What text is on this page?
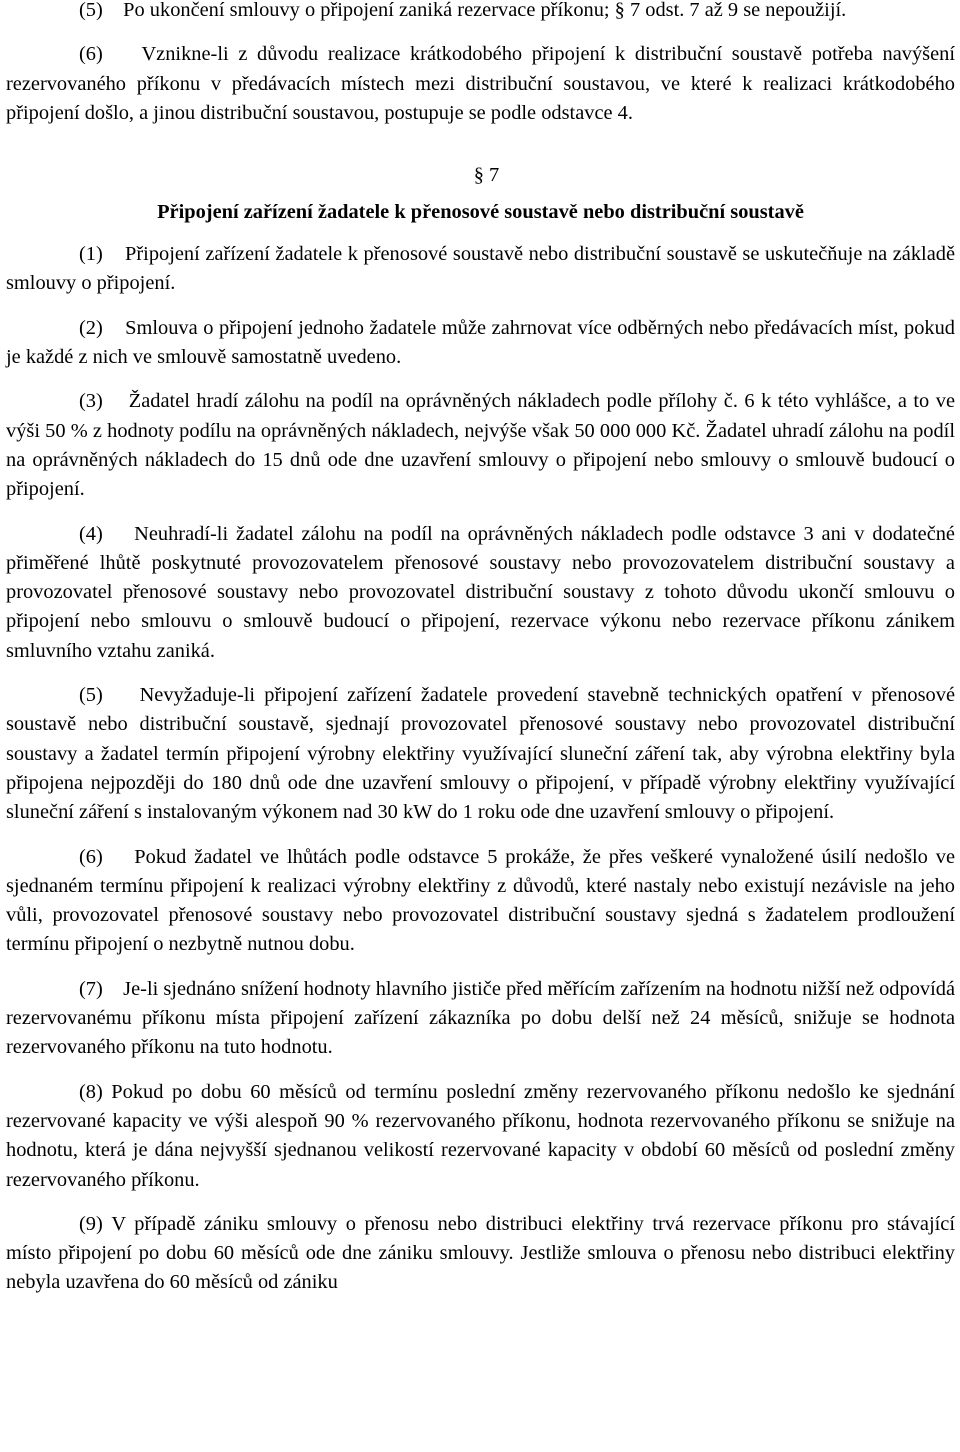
(5)    Po ukončení smlouvy o připojení zaniká rezervace příkonu; § 7 odst. 7 až 9 se nepoužijí.

(6)    Vznikne-li z důvodu realizace krátkodobého připojení k distribuční soustavě potřeba navýšení rezervovaného příkonu v předávacích místech mezi distribuční soustavou, ve které k realizaci krátkodobého připojení došlo, a jinou distribuční soustavou, postupuje se podle odstavce 4.

§ 7
Připojení zařízení žadatele k přenosové soustavě nebo distribuční soustavě

(1)    Připojení zařízení žadatele k přenosové soustavě nebo distribuční soustavě se uskutečňuje na základě smlouvy o připojení.

(2)    Smlouva o připojení jednoho žadatele může zahrnovat více odběrných nebo předávacích míst, pokud je každé z nich ve smlouvě samostatně uvedeno.

(3)    Žadatel hradí zálohu na podíl na oprávněných nákladech podle přílohy č. 6 k této vyhlášce, a to ve výši 50 % z hodnoty podílu na oprávněných nákladech, nejvýše však 50 000 000 Kč. Žadatel uhradí zálohu na podíl na oprávněných nákladech do 15 dnů ode dne uzavření smlouvy o připojení nebo smlouvy o smlouvě budoucí o připojení.

(4)    Neuhradí-li žadatel zálohu na podíl na oprávněných nákladech podle odstavce 3 ani v dodatečné přiměřené lhůtě poskytnuté provozovatelem přenosové soustavy nebo provozovatelem distribuční soustavy a provozovatel přenosové soustavy nebo provozovatel distribuční soustavy z tohoto důvodu ukončí smlouvu o připojení nebo smlouvu o smlouvě budoucí o připojení, rezervace výkonu nebo rezervace příkonu zánikem smluvního vztahu zaniká.

(5)    Nevyžaduje-li připojení zařízení žadatele provedení stavebně technických opatření v přenosové soustavě nebo distribuční soustavě, sjednají provozovatel přenosové soustavy nebo provozovatel distribuční soustavy a žadatel termín připojení výrobny elektřiny využívající sluneční záření tak, aby výrobna elektřiny byla připojena nejpozději do 180 dnů ode dne uzavření smlouvy o připojení, v případě výrobny elektřiny využívající sluneční záření s instalovaným výkonem nad 30 kW do 1 roku ode dne uzavření smlouvy o připojení.

(6)    Pokud žadatel ve lhůtách podle odstavce 5 prokáže, že přes veškeré vynaložené úsilí nedošlo ve sjednaném termínu připojení k realizaci výrobny elektřiny z důvodů, které nastaly nebo existují nezávisle na jeho vůli, provozovatel přenosové soustavy nebo provozovatel distribuční soustavy sjedná s žadatelem prodloužení termínu připojení o nezbytně nutnou dobu.

(7)    Je-li sjednáno snížení hodnoty hlavního jističe před měřícím zařízením na hodnotu nižší než odpovídá rezervovanému příkonu místa připojení zařízení zákazníka po dobu delší než 24 měsíců, snižuje se hodnota rezervovaného příkonu na tuto hodnotu.

(8) Pokud po dobu 60 měsíců od termínu poslední změny rezervovaného příkonu nedošlo ke sjednání rezervované kapacity ve výši alespoň 90 % rezervovaného příkonu, hodnota rezervovaného příkonu se snižuje na hodnotu, která je dána nejvyšší sjednanou velikostí rezervované kapacity v období 60 měsíců od poslední změny rezervovaného příkonu.

(9) V případě zániku smlouvy o přenosu nebo distribuci elektřiny trvá rezervace příkonu pro stávající místo připojení po dobu 60 měsíců ode dne zániku smlouvy. Jestliže smlouva o přenosu nebo distribuci elektřiny nebyla uzavřena do 60 měsíců od zániku
